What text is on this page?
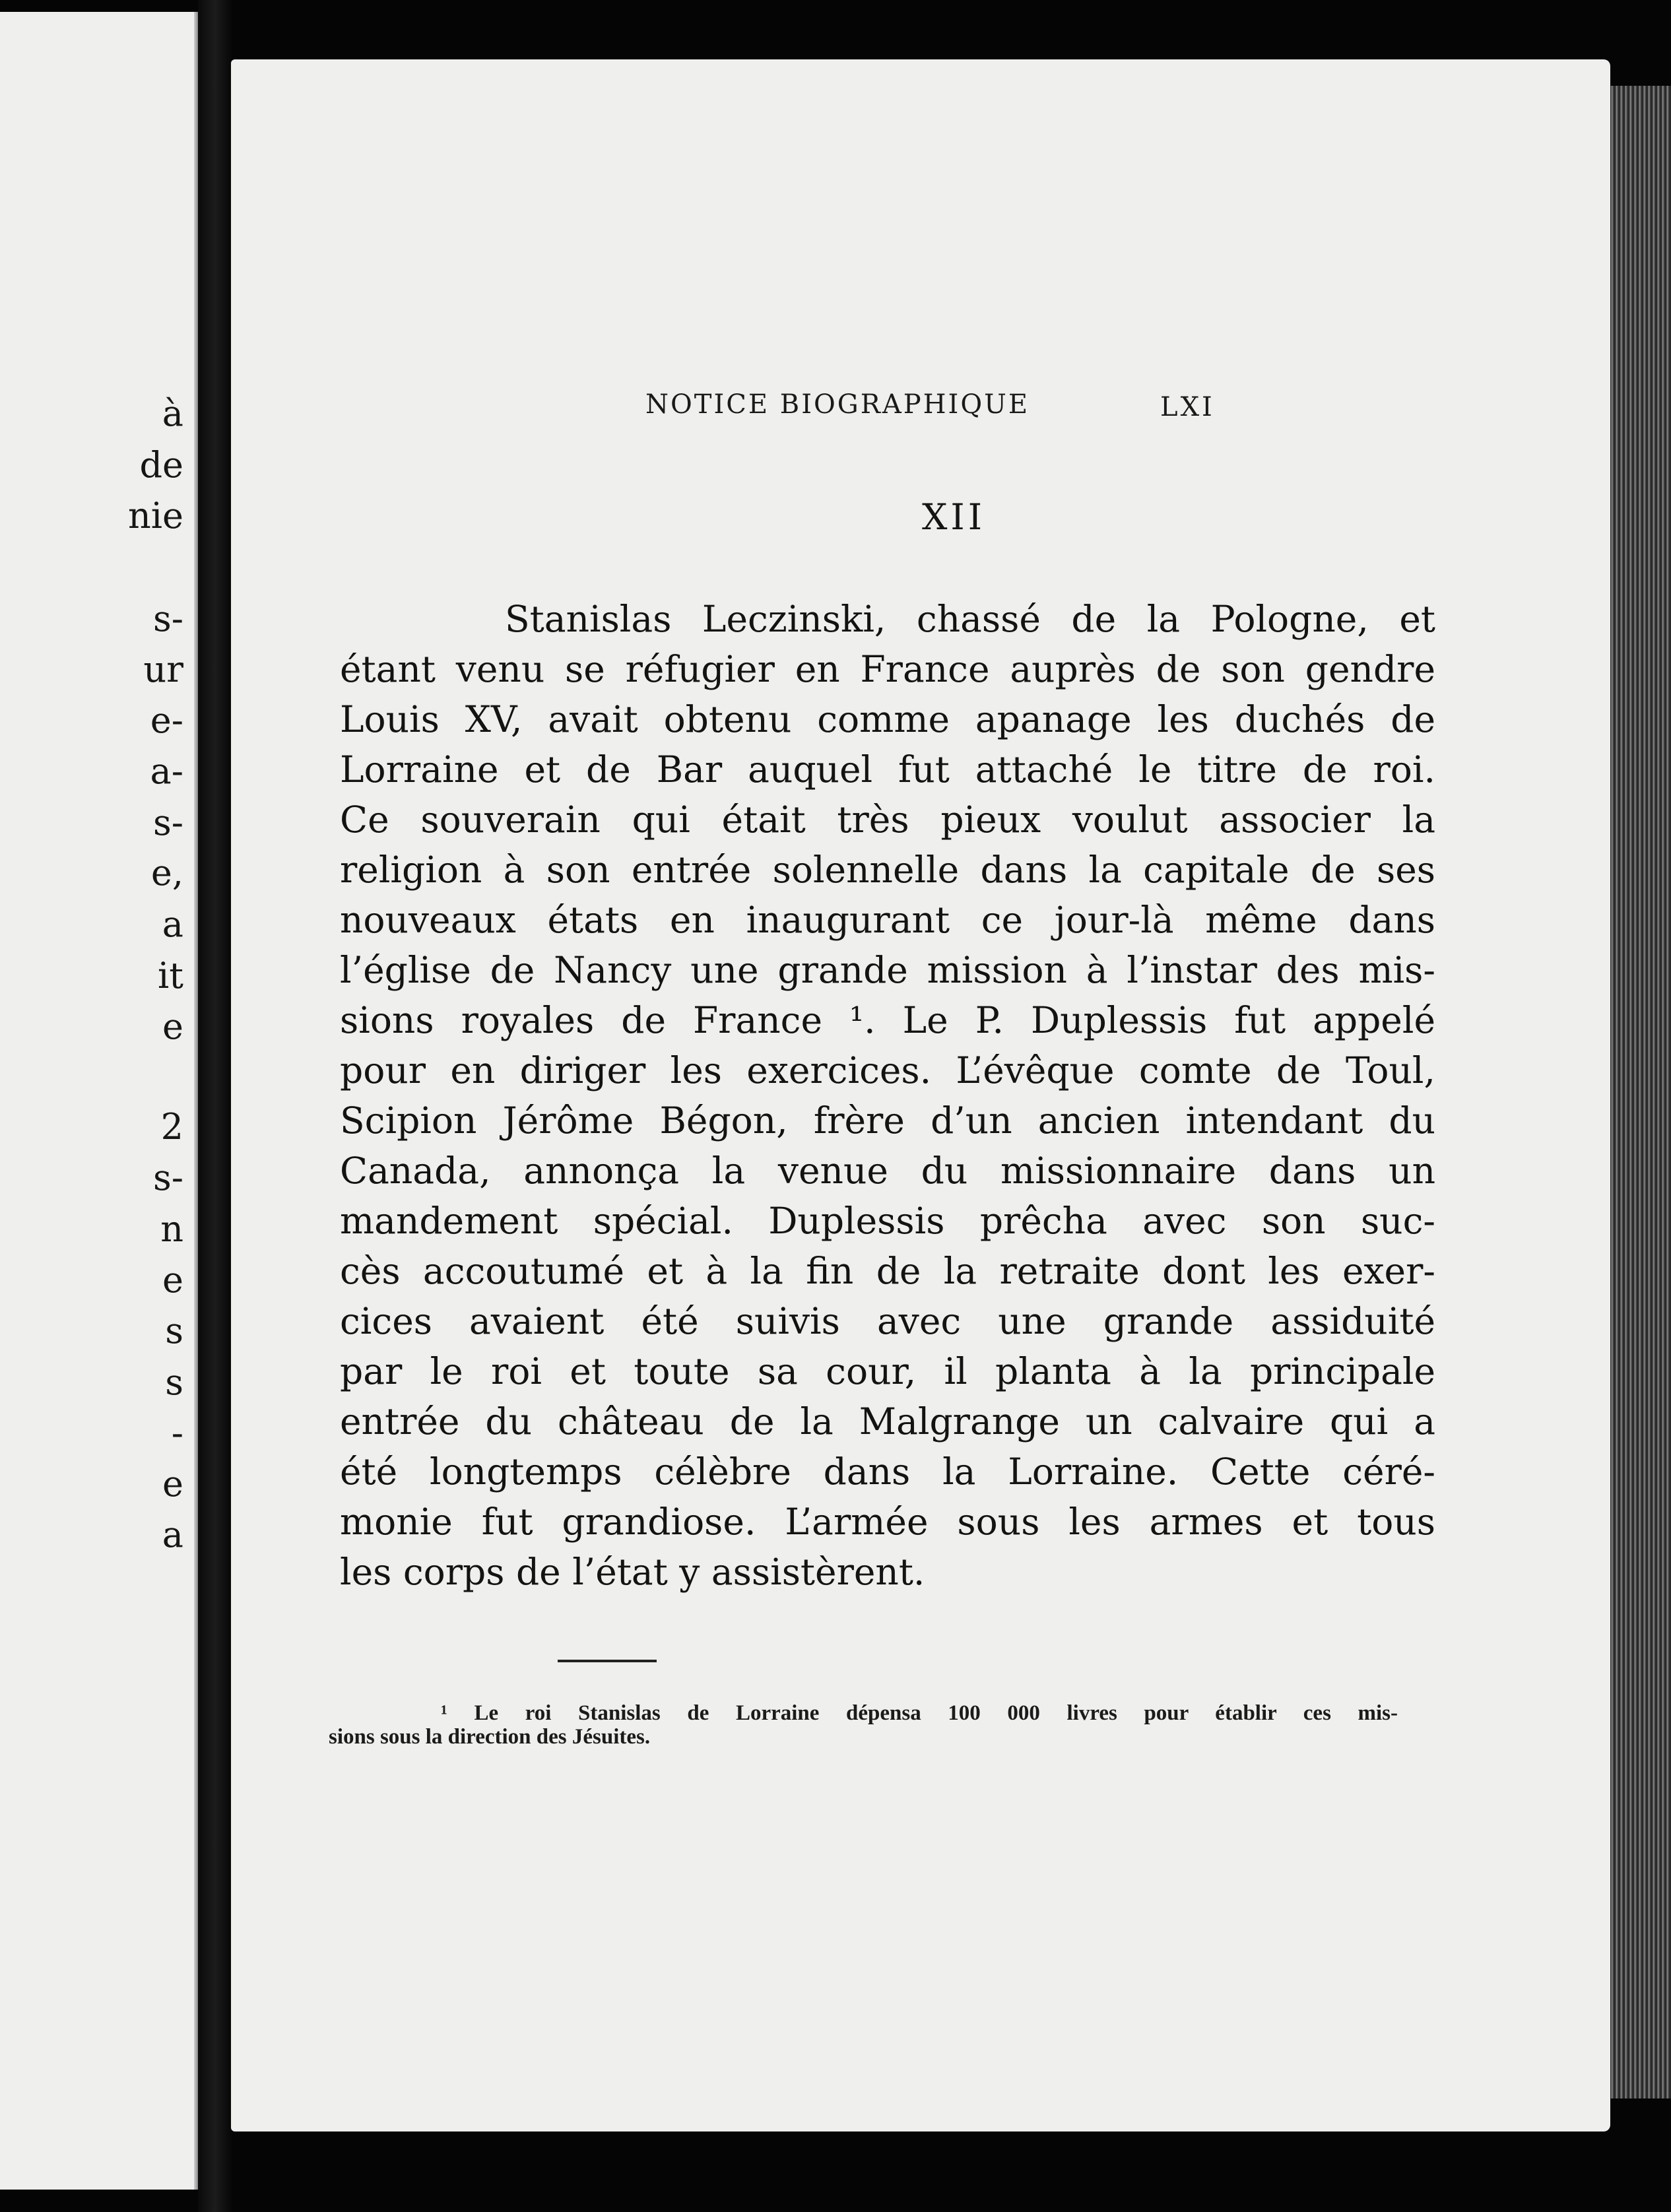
à
de
nie
s-
ur
e-
a-
s-
e,
a
it
e
2
s-
n
e
s
s
-
e
a
NOTICE BIOGRAPHIQUE	LXI
XII
Stanislas Leczinski, chassé de la Pologne, et
étant venu se réfugier en France auprès de son gendre
Louis XV, avait obtenu comme apanage les duchés de
Lorraine et de Bar auquel fut attaché le titre de roi.
Ce souverain qui était très pieux voulut associer la
religion à son entrée solennelle dans la capitale de ses
nouveaux états en inaugurant ce jour-là même dans
l’église de Nancy une grande mission à l’instar des mis-
sions royales de France ¹. Le P. Duplessis fut appelé
pour en diriger les exercices. L’évêque comte de Toul,
Scipion Jérôme Bégon, frère d’un ancien intendant du
Canada, annonça la venue du missionnaire dans un
mandement spécial. Duplessis prêcha avec son suc-
cès accoutumé et à la fin de la retraite dont les exer-
cices avaient été suivis avec une grande assiduité
par le roi et toute sa cour, il planta à la principale
entrée du château de la Malgrange un calvaire qui a
été longtemps célèbre dans la Lorraine. Cette céré-
monie fut grandiose. L’armée sous les armes et tous
les corps de l’état y assistèrent.
¹ Le roi Stanislas de Lorraine dépensa 100 000 livres pour établir ces mis-
sions sous la direction des Jésuites.
